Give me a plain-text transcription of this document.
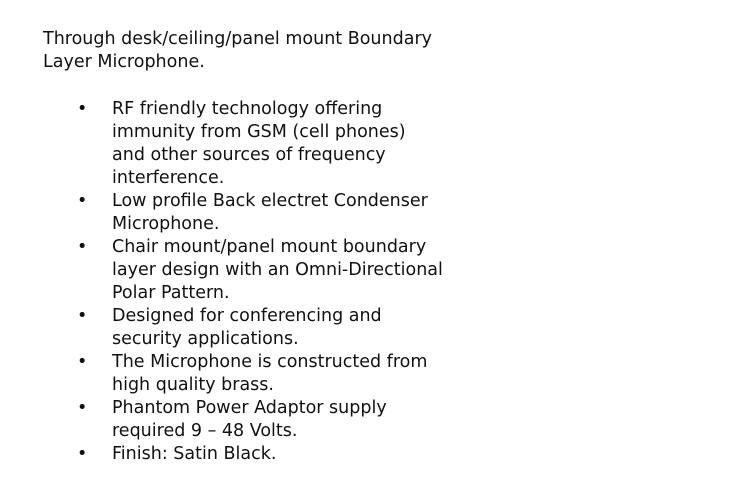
Through desk/ceiling/panel mount Boundary
Layer Microphone.

• RF friendly technology offering
immunity from GSM (cell phones)
and other sources of frequency
interference.
• Low profile Back electret Condenser
Microphone.
• Chair mount/panel mount boundary
layer design with an Omni-Directional
Polar Pattern.
• Designed for conferencing and
security applications.
• The Microphone is constructed from
high quality brass.
• Phantom Power Adaptor supply
required 9 – 48 Volts.
• Finish: Satin Black.
